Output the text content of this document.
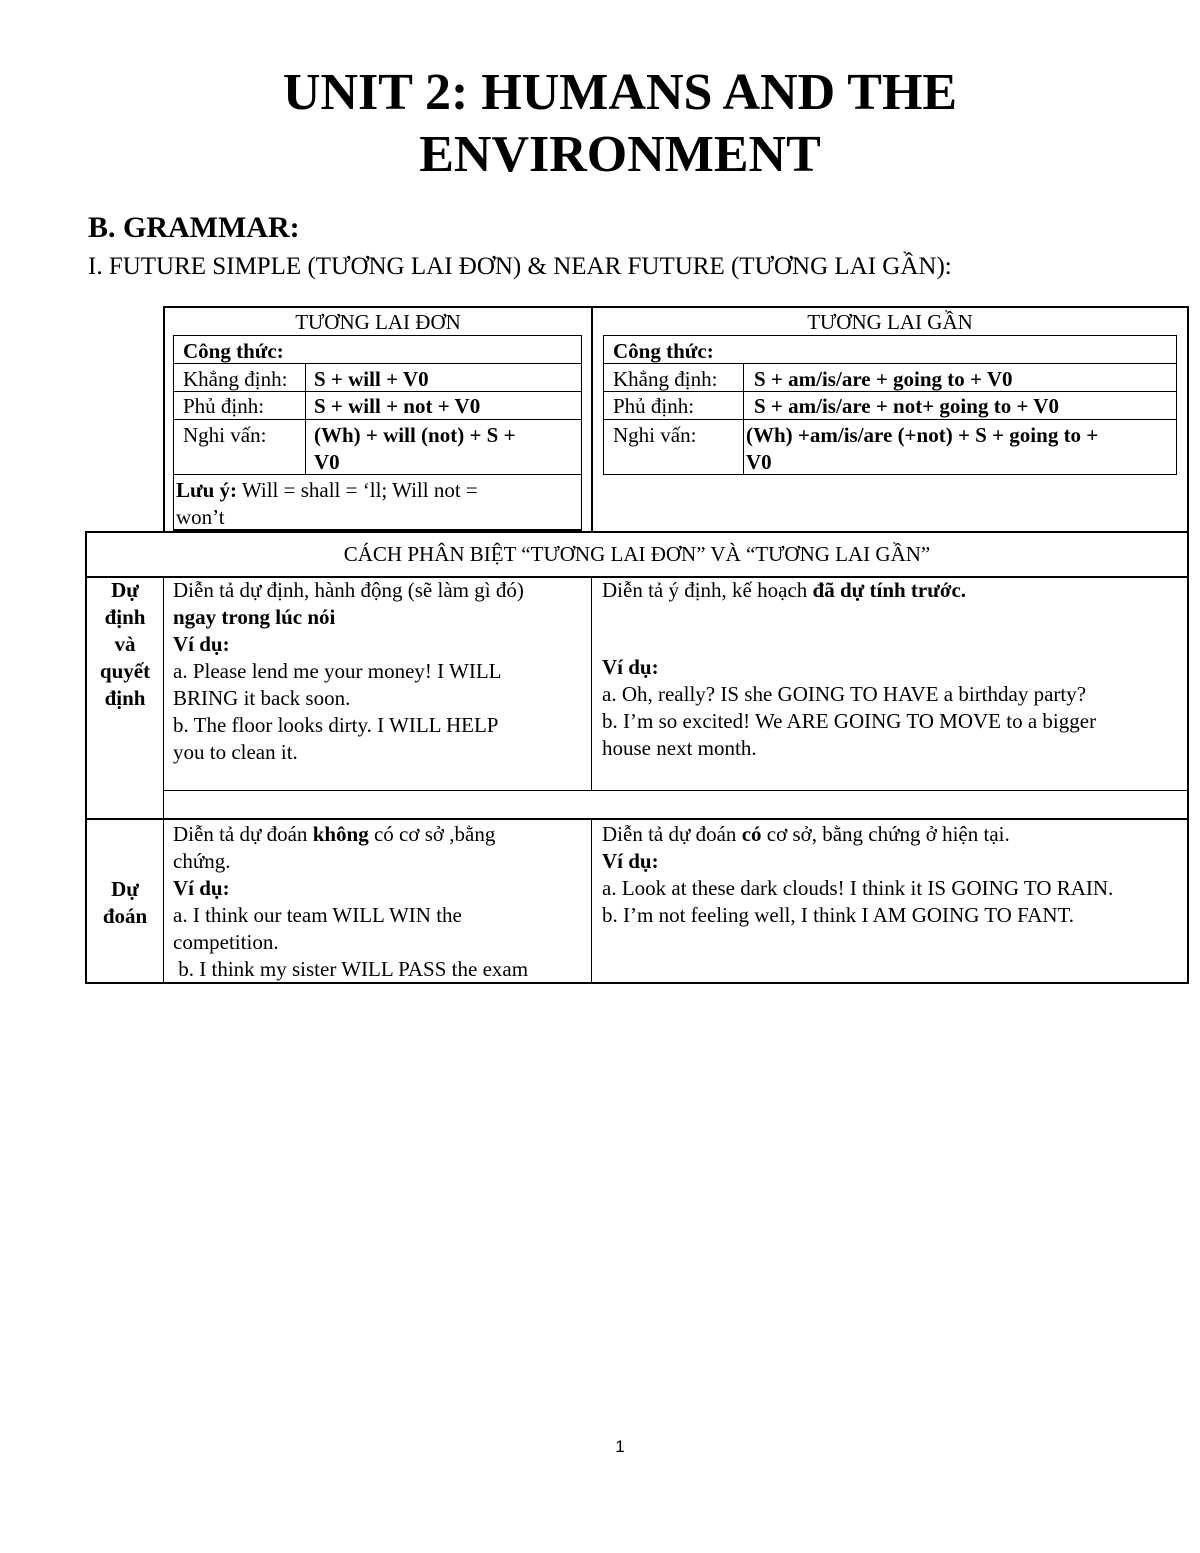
UNIT 2: HUMANS AND THE
ENVIRONMENT
B. GRAMMAR:
I. FUTURE SIMPLE (TƯƠNG LAI ĐƠN) & NEAR FUTURE (TƯƠNG LAI GẦN):
TƯƠNG LAI ĐƠN	TƯƠNG LAI GẦN
Công thức:
Khẳng định: S + will + V0
Phủ định: S + will + not + V0
Nghi vấn: (Wh) + will (not) + S +
V0
Lưu ý: Will = shall = ‘ll; Will not =
won’t
Công thức:
Khẳng định: S + am/is/are + going to + V0
Phủ định:	S + am/is/are + not+ going to + V0
Nghi vấn: (Wh) +am/is/are (+not) + S + going to +
V0
CÁCH PHÂN BIỆT “TƯƠNG LAI ĐƠN” VÀ “TƯƠNG LAI GẦN”
Dự
định
và
quyết
định
Diễn tả dự định, hành động (sẽ làm gì đó)
ngay trong lúc nói
Ví dụ:
a. Please lend me your money! I WILL
BRING it back soon.
b. The floor looks dirty. I WILL HELP
you to clean it.
Diễn tả ý định, kế hoạch đã dự tính trước.
Ví dụ:
a. Oh, really? IS she GOING TO HAVE a birthday party?
b. I’m so excited! We ARE GOING TO MOVE to a bigger
house next month.
Dự
đoán
Diễn tả dự đoán không có cơ sở ,bằng
chứng.
Ví dụ:
a. I think our team WILL WIN the
competition.
b. I think my sister WILL PASS the exam
Diễn tả dự đoán có cơ sở, bằng chứng ở hiện tại.
Ví dụ:
a. Look at these dark clouds! I think it IS GOING TO RAIN.
b. I’m not feeling well, I think I AM GOING TO FANT.
1
